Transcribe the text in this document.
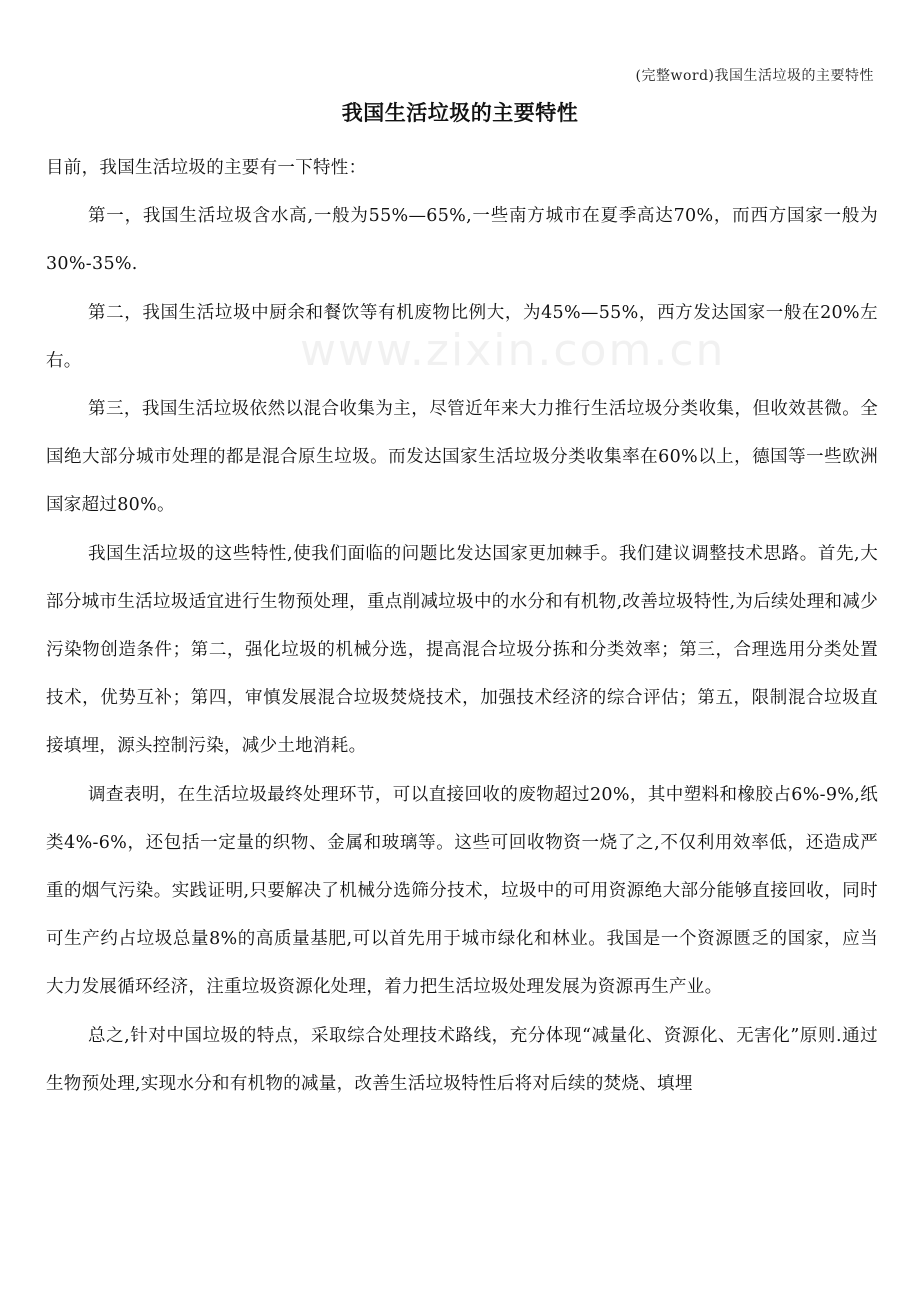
(完整word)我国生活垃圾的主要特性
www.zixin.com.cn
我国生活垃圾的主要特性

目前，我国生活垃圾的主要有一下特性：

第一，我国生活垃圾含水高,一般为55%—65%,一些南方城市在夏季高达70%，而西方国家一般为30%-35%.

第二，我国生活垃圾中厨余和餐饮等有机废物比例大，为45%—55%，西方发达国家一般在20%左右。

第三，我国生活垃圾依然以混合收集为主，尽管近年来大力推行生活垃圾分类收集，但收效甚微。全国绝大部分城市处理的都是混合原生垃圾。而发达国家生活垃圾分类收集率在60%以上，德国等一些欧洲国家超过80%。

我国生活垃圾的这些特性,使我们面临的问题比发达国家更加棘手。我们建议调整技术思路。首先,大部分城市生活垃圾适宜进行生物预处理，重点削减垃圾中的水分和有机物,改善垃圾特性,为后续处理和减少污染物创造条件；第二，强化垃圾的机械分选，提高混合垃圾分拣和分类效率；第三，合理选用分类处置技术，优势互补；第四，审慎发展混合垃圾焚烧技术，加强技术经济的综合评估；第五，限制混合垃圾直接填埋，源头控制污染，减少土地消耗。

调查表明，在生活垃圾最终处理环节，可以直接回收的废物超过20%，其中塑料和橡胶占6%-9%,纸类4%-6%，还包括一定量的织物、金属和玻璃等。这些可回收物资一烧了之,不仅利用效率低，还造成严重的烟气污染。实践证明,只要解决了机械分选筛分技术，垃圾中的可用资源绝大部分能够直接回收，同时可生产约占垃圾总量8%的高质量基肥,可以首先用于城市绿化和林业。我国是一个资源匮乏的国家，应当大力发展循环经济，注重垃圾资源化处理，着力把生活垃圾处理发展为资源再生产业。

总之,针对中国垃圾的特点，采取综合处理技术路线，充分体现“减量化、资源化、无害化”原则.通过生物预处理,实现水分和有机物的减量，改善生活垃圾特性后将对后续的焚烧、填埋
